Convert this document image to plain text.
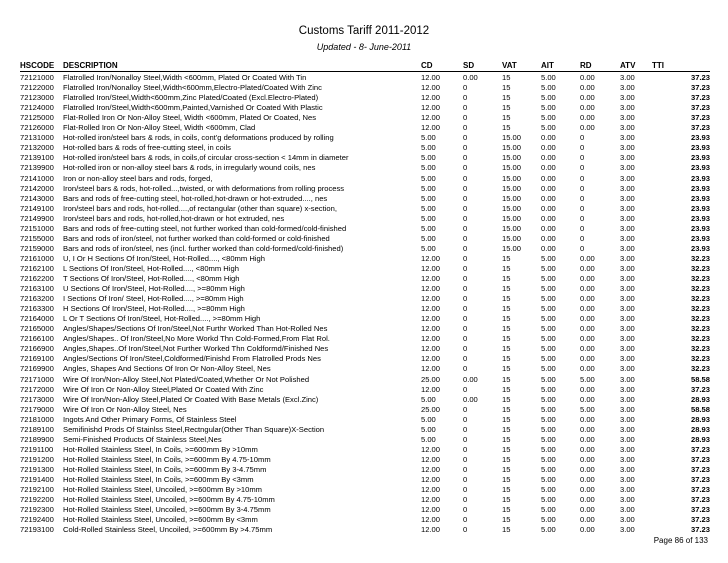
Customs Tariff 2011-2012
Updated - 8- June-2011
HSCODE DESCRIPTION	CD	SD	VAT	AIT	RD	ATV TTI
72121000 Flatrolled Iron/Nonalloy Steel,Width <600mm, Plated Or Coated With Tin	12.00	0.00	15	5.00	0.00	3.00	37.23
72122000 Flatrolled Iron/Nonalloy Steel,Width<600mm,Electro-Plated/Coated With Zinc	12.00	0	15	5.00	0.00	3.00	37.23
72123000 Flatrolled Iron/Steel,Width<600mm,Zinc Plated/Coated (Excl.Electro-Plated)	12.00	0	15	5.00	0.00	3.00	37.23
72124000 Flatrolled Iron/Steel,Width<600mm,Painted,Varnished Or Coated With Plastic	12.00	0	15	5.00	0.00	3.00	37.23
72125000 Flat-Rolled Iron Or Non-Alloy Steel, Width <600mm, Plated Or Coated, Nes	12.00	0	15	5.00	0.00	3.00	37.23
72126000 Flat-Rolled Iron Or Non-Alloy Steel, Width <600mm, Clad	12.00	0	15	5.00	0.00	3.00	37.23
72131000 Hot-rolled iron/steel bars & rods, in coils, cont'g deformations produced by rolling	5.00	0	15.00	0.00	0	3.00	23.93
72132000 Hot-rolled bars & rods of free-cutting steel, in coils	5.00	0	15.00	0.00	0	3.00	23.93
72139100 Hot-rolled iron/steel bars & rods, in coils,of circular cross-section < 14mm in diameter	5.00	0	15.00	0.00	0	3.00	23.93
72139900 Hot-rolled iron or non-alloy steel bars & rods, in irregularly wound coils, nes	5.00	0	15.00	0.00	0	3.00	23.93
72141000 Iron or non-alloy steel bars and rods, forged,	5.00	0	15.00	0.00	0	3.00	23.93
72142000 Iron/steel bars & rods, hot-rolled...,twisted, or with deformations from rolling process	5.00	0	15.00	0.00	0	3.00	23.93
72143000 Bars and rods of free-cutting steel, hot-rolled,hot-drawn or hot-extruded...., nes	5.00	0	15.00	0.00	0	3.00	23.93
72149100 Iron/steel bars and rods, hot-rolled....,of rectangular (other than square) x-section,	5.00	0	15.00	0.00	0	3.00	23.93
72149900 Iron/steel bars and rods, hot-rolled,hot-drawn or hot extruded, nes	5.00	0	15.00	0.00	0	3.00	23.93
72151000 Bars and rods of free-cutting steel, not further worked than cold-formed/cold-finished	5.00	0	15.00	0.00	0	3.00	23.93
72155000 Bars and rods of iron/steel, not further worked than cold-formed or cold-finished	5.00	0	15.00	0.00	0	3.00	23.93
72159000 Bars and rods of iron/steel, nes (incl. further worked than cold-formed/cold-finished)	5.00	0	15.00	0.00	0	3.00	23.93
72161000 U, I Or H Sections Of Iron/Steel, Hot-Rolled...., <80mm High	12.00	0	15	5.00	0.00	3.00	32.23
72162100 L Sections Of Iron/Steel, Hot-Rolled...., <80mm High	12.00	0	15	5.00	0.00	3.00	32.23
72162200 T Sections Of Iron/Steel, Hot-Rolled...., <80mm High	12.00	0	15	5.00	0.00	3.00	32.23
72163100 U Sections Of Iron/Steel, Hot-Rolled...., >=80mm High	12.00	0	15	5.00	0.00	3.00	32.23
72163200 I Sections Of Iron/ Steel, Hot-Rolled...., >=80mm High	12.00	0	15	5.00	0.00	3.00	32.23
72163300 H Sections Of Iron/Steel, Hot-Rolled...., >=80mm High	12.00	0	15	5.00	0.00	3.00	32.23
72164000 L Or T Sections Of Iron/Steel, Hot-Rolled...., >=80mm High	12.00	0	15	5.00	0.00	3.00	32.23
72165000 Angles/Shapes/Sections Of Iron/Steel,Not Furthr Worked Than Hot-Rolled Nes	12.00	0	15	5.00	0.00	3.00	32.23
72166100 Angles/Shapes.. Of Iron/Steel,No More Workd Thn Cold-Formed,From Flat Rol.	12.00	0	15	5.00	0.00	3.00	32.23
72166900 Angles,Shapes..Of Iron/Steel,Not Further Worked Thn Coldformd/Finished Nes	12.00	0	15	5.00	0.00	3.00	32.23
72169100 Angles/Sections Of Iron/Steel,Coldformed/Finishd From Flatrolled Prods Nes	12.00	0	15	5.00	0.00	3.00	32.23
72169900 Angles, Shapes And Sections Of Iron Or Non-Alloy Steel, Nes	12.00	0	15	5.00	0.00	3.00	32.23
72171000 Wire Of Iron/Non-Alloy Steel,Not Plated/Coated,Whether Or Not Polished	25.00	0.00	15	5.00	5.00	3.00	58.58
72172000 Wire Of Iron Or Non-Alloy Steel,Plated Or Coated With Zinc	12.00	0	15	5.00	0.00	3.00	37.23
72173000 Wire Of Iron/Non-Alloy Steel,Plated Or Coated With Base Metals (Excl.Zinc)	5.00	0.00	15	5.00	0.00	3.00	28.93
72179000 Wire Of Iron Or Non-Alloy Steel, Nes	25.00	0	15	5.00	5.00	3.00	58.58
72181000 Ingots And Other Primary Forms, Of Stainless Steel	5.00	0	15	5.00	0.00	3.00	28.93
72189100 Semifinishd Prods Of Stainlss Steel,Rectngular(Other Than Square)X-Section	5.00	0	15	5.00	0.00	3.00	28.93
72189900 Semi-Finished Products Of Stainless Steel,Nes	5.00	0	15	5.00	0.00	3.00	28.93
72191100 Hot-Rolled Stainless Steel, In Coils, >=600mm By >10mm	12.00	0	15	5.00	0.00	3.00	37.23
72191200 Hot-Rolled Stainless Steel, In Coils, >=600mm By 4.75-10mm	12.00	0	15	5.00	0.00	3.00	37.23
72191300 Hot-Rolled Stainless Steel, In Coils, >=600mm By 3-4.75mm	12.00	0	15	5.00	0.00	3.00	37.23
72191400 Hot-Rolled Stainless Steel, In Coils, >=600mm By <3mm	12.00	0	15	5.00	0.00	3.00	37.23
72192100 Hot-Rolled Stainless Steel, Uncoiled, >=600mm By >10mm	12.00	0	15	5.00	0.00	3.00	37.23
72192200 Hot-Rolled Stainless Steel, Uncoiled, >=600mm By 4.75-10mm	12.00	0	15	5.00	0.00	3.00	37.23
72192300 Hot-Rolled Stainless Steel, Uncoiled, >=600mm By 3-4.75mm	12.00	0	15	5.00	0.00	3.00	37.23
72192400 Hot-Rolled Stainless Steel, Uncoiled, >=600mm By <3mm	12.00	0	15	5.00	0.00	3.00	37.23
72193100 Cold-Rolled Stainless Steel, Uncoiled, >=600mm By >4.75mm	12.00	0	15	5.00	0.00	3.00	37.23
Page 86 of 133
